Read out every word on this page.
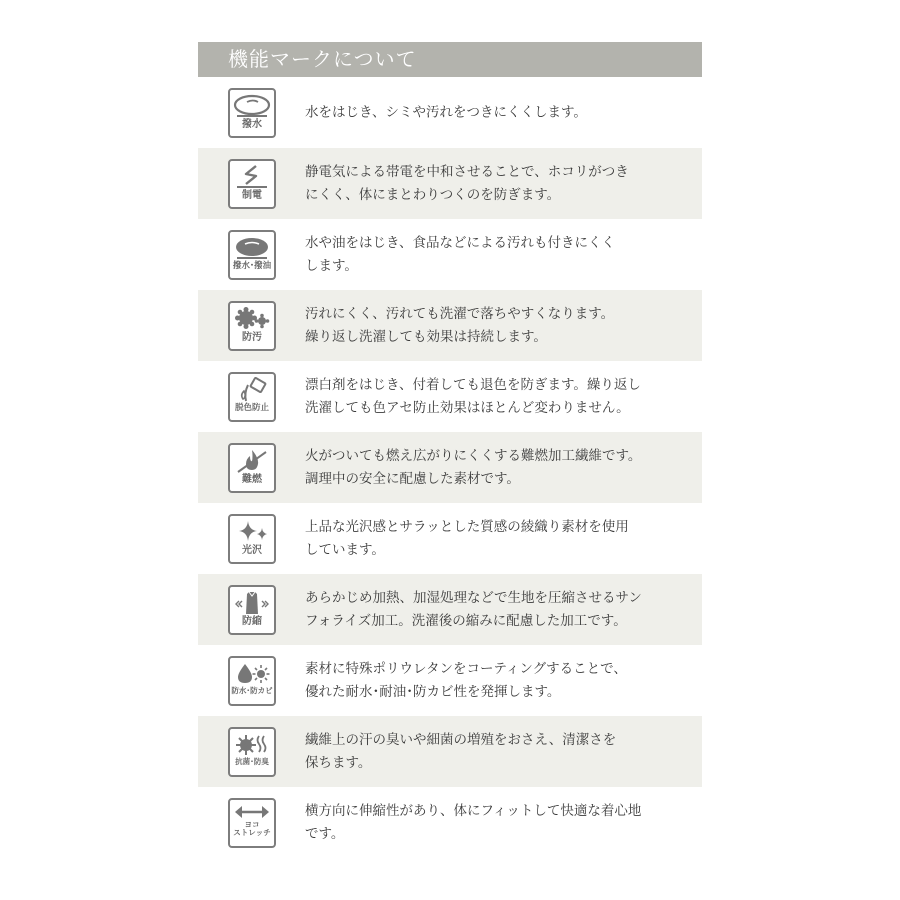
機能マークについて
撥水
水をはじき、シミや汚れをつきにくくします。
制電
静電気による帯電を中和させることで、ホコリがつき
にくく、体にまとわりつくのを防ぎます。
撥水･撥油
水や油をはじき、食品などによる汚れも付きにくく
します。
防汚
汚れにくく、汚れても洗濯で落ちやすくなります。
繰り返し洗濯しても効果は持続します。
脱色防止
漂白剤をはじき、付着しても退色を防ぎます。繰り返し
洗濯しても色アセ防止効果はほとんど変わりません。
難燃
火がついても燃え広がりにくくする難燃加工繊維です。
調理中の安全に配慮した素材です。
光沢
上品な光沢感とサラッとした質感の綾織り素材を使用
しています。
防縮
あらかじめ加熱、加湿処理などで生地を圧縮させるサン
フォライズ加工。洗濯後の縮みに配慮した加工です。
防水･防カビ
素材に特殊ポリウレタンをコーティングすることで、
優れた耐水･耐油･防カビ性を発揮します。
抗菌･防臭
繊維上の汗の臭いや細菌の増殖をおさえ、清潔さを
保ちます。
ヨコ
ストレッチ
横方向に伸縮性があり、体にフィットして快適な着心地
です。
